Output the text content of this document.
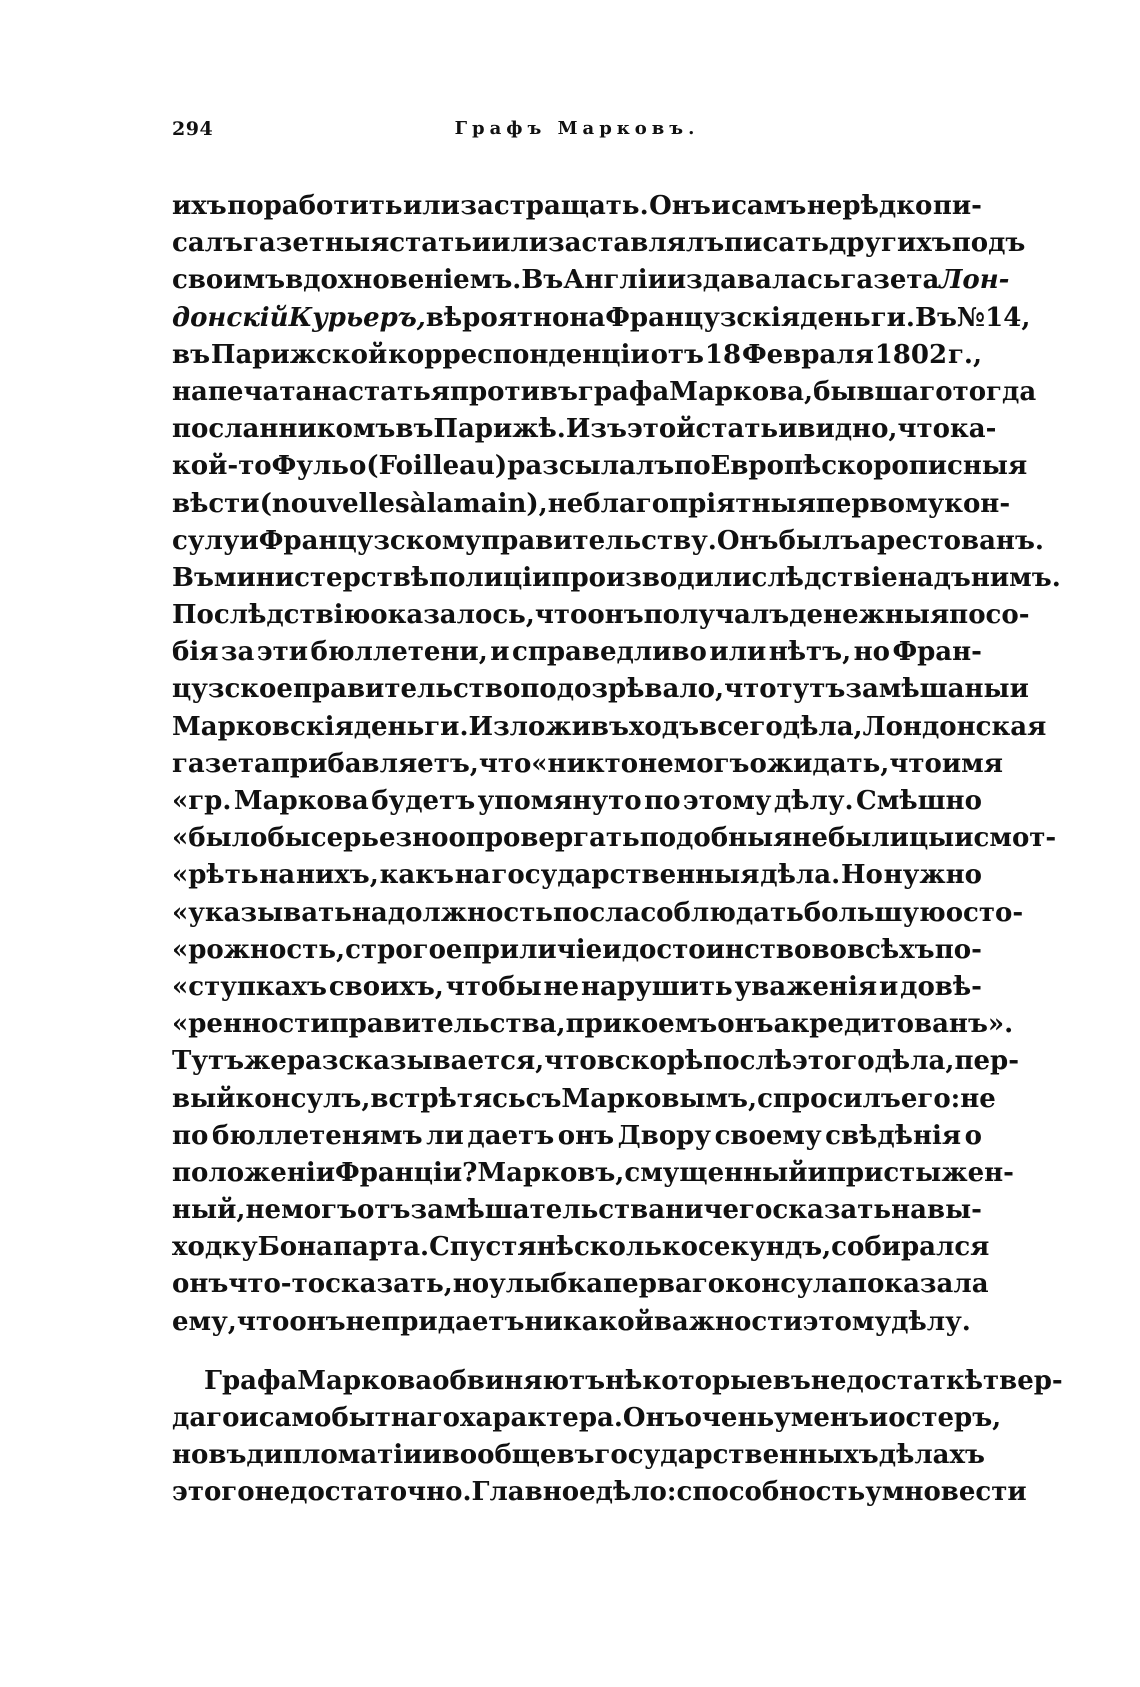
294	Графъ Марковъ.
ихъ поработить или застращать. Онъ и самъ нерѣдко пи-
салъ газетныя статьи или заставлялъ писать другихъ подъ
своимъ вдохновеніемъ. Въ Англіи издавалась газета Лон-
донскій Курьеръ, вѣроятно на Французскія деньги. Въ № 14,
въ Парижской корреспонденціи отъ 18 Февраля 1802 г.,
напечатана статья противъ графа Маркова, бывшаго тогда
посланникомъ въ Парижѣ. Изъ этой статьи видно, что ка-
кой-то Фульо (Foilleau) разсылалъ по Европѣ скорописныя
вѣсти (nouvelles à la main), неблагопріятныя первому кон-
сулу и Французскому правительству. Онъ былъ арестованъ.
Въ министерствѣ полиціи производили слѣдствіе надъ нимъ.
По слѣдствію оказалось, что онъ получалъ денежныя посо-
бія за эти бюллетени, и справедливо или нѣтъ, но Фран-
цузское правительство подозрѣвало, что тутъ замѣшаны и
Марковскія деньги. Изложивъ ходъ всего дѣла, Лондонская
газета прибавляетъ, что «никто не могъ ожидать, что имя
«гр. Маркова будетъ упомянуто по этому дѣлу. Смѣшно
«было бы серьезно опровергать подобныя небылицы и смот-
«рѣть на нихъ, какъ на государственныя дѣла. Но нужно
«указывать на должность посла соблюдать большую осто-
«рожность, строгое приличіе и достоинство во всѣхъ по-
«ступкахъ своихъ, чтобы не нарушить уваженія и довѣ-
«ренности правительства, при коемъ онъ акредитованъ».
Тутъ же разсказывается, что вскорѣ послѣ этого дѣла, пер-
вый консулъ, встрѣтясь съ Марковымъ, спросилъ его: не
по бюллетенямъ ли даетъ онъ Двору своему свѣдѣнія о
положеніи Франціи? Марковъ, смущенный и пристыжен-
ный, не могъ отъ замѣшательства ничего сказать на вы-
ходку Бонапарта. Спустя нѣсколько секундъ, собирался
онъ что-то сказать, но улыбка перваго консула показала
ему, что онъ не придаетъ никакой важности этому дѣлу.
Графа Маркова обвиняютъ нѣкоторые въ недостаткѣ твер-
даго и самобытнаго характера. Онъ очень уменъ и остеръ,
но въ дипломатіи и вообще въ государственныхъ дѣлахъ
этого недостаточно. Главное дѣло: способность умно вести
